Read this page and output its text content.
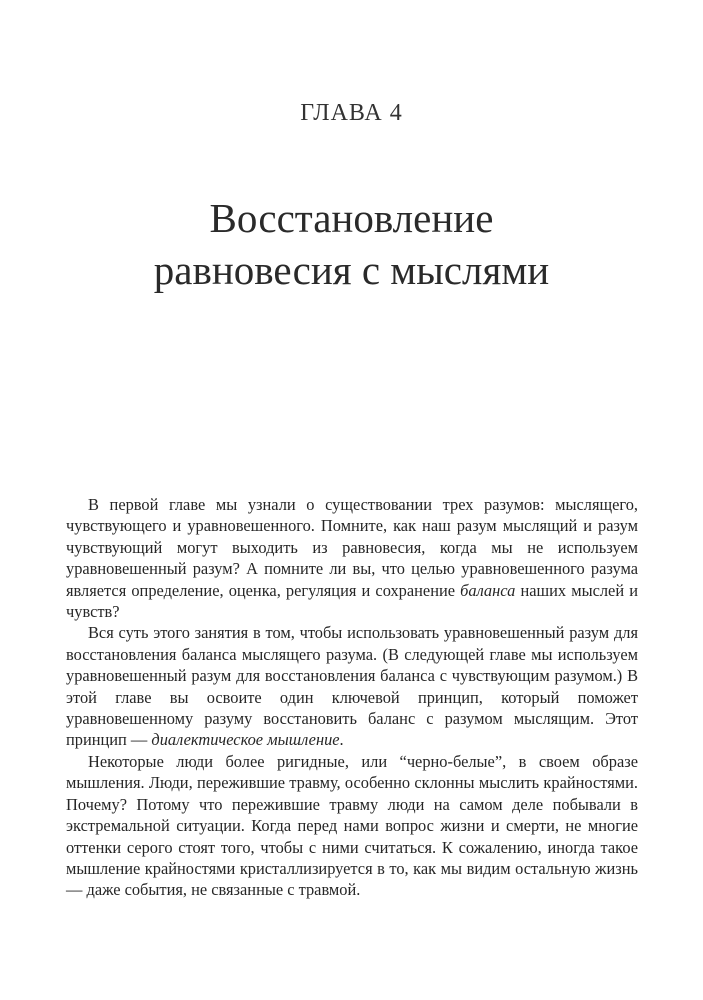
ГЛАВА 4
Восстановление
равновесия с мыслями

В первой главе мы узнали о существовании трех разумов: мыслящего, чувствующего и уравновешенного. Помните, как наш разум мыслящий и разум чувствующий могут выходить из равновесия, когда мы не используем уравновешенный разум? А помните ли вы, что целью уравновешенного разума является определение, оценка, регуляция и сохранение баланса наших мыслей и чувств?

Вся суть этого занятия в том, чтобы использовать уравновешенный разум для восстановления баланса мыслящего разума. (В следующей главе мы используем уравновешенный разум для восстановления баланса с чувствующим разумом.) В этой главе вы освоите один ключевой принцип, который поможет уравновешенному разуму восстановить баланс с разумом мыслящим. Этот принцип — диалектическое мышление.

Некоторые люди более ригидные, или “черно-белые”, в своем образе мышления. Люди, пережившие травму, особенно склонны мыслить крайностями. Почему? Потому что пережившие травму люди на самом деле побывали в экстремальной ситуации. Когда перед нами вопрос жизни и смерти, не многие оттенки серого стоят того, чтобы с ними считаться. К сожалению, иногда такое мышление крайностями кристаллизируется в то, как мы видим остальную жизнь — даже события, не связанные с травмой.
